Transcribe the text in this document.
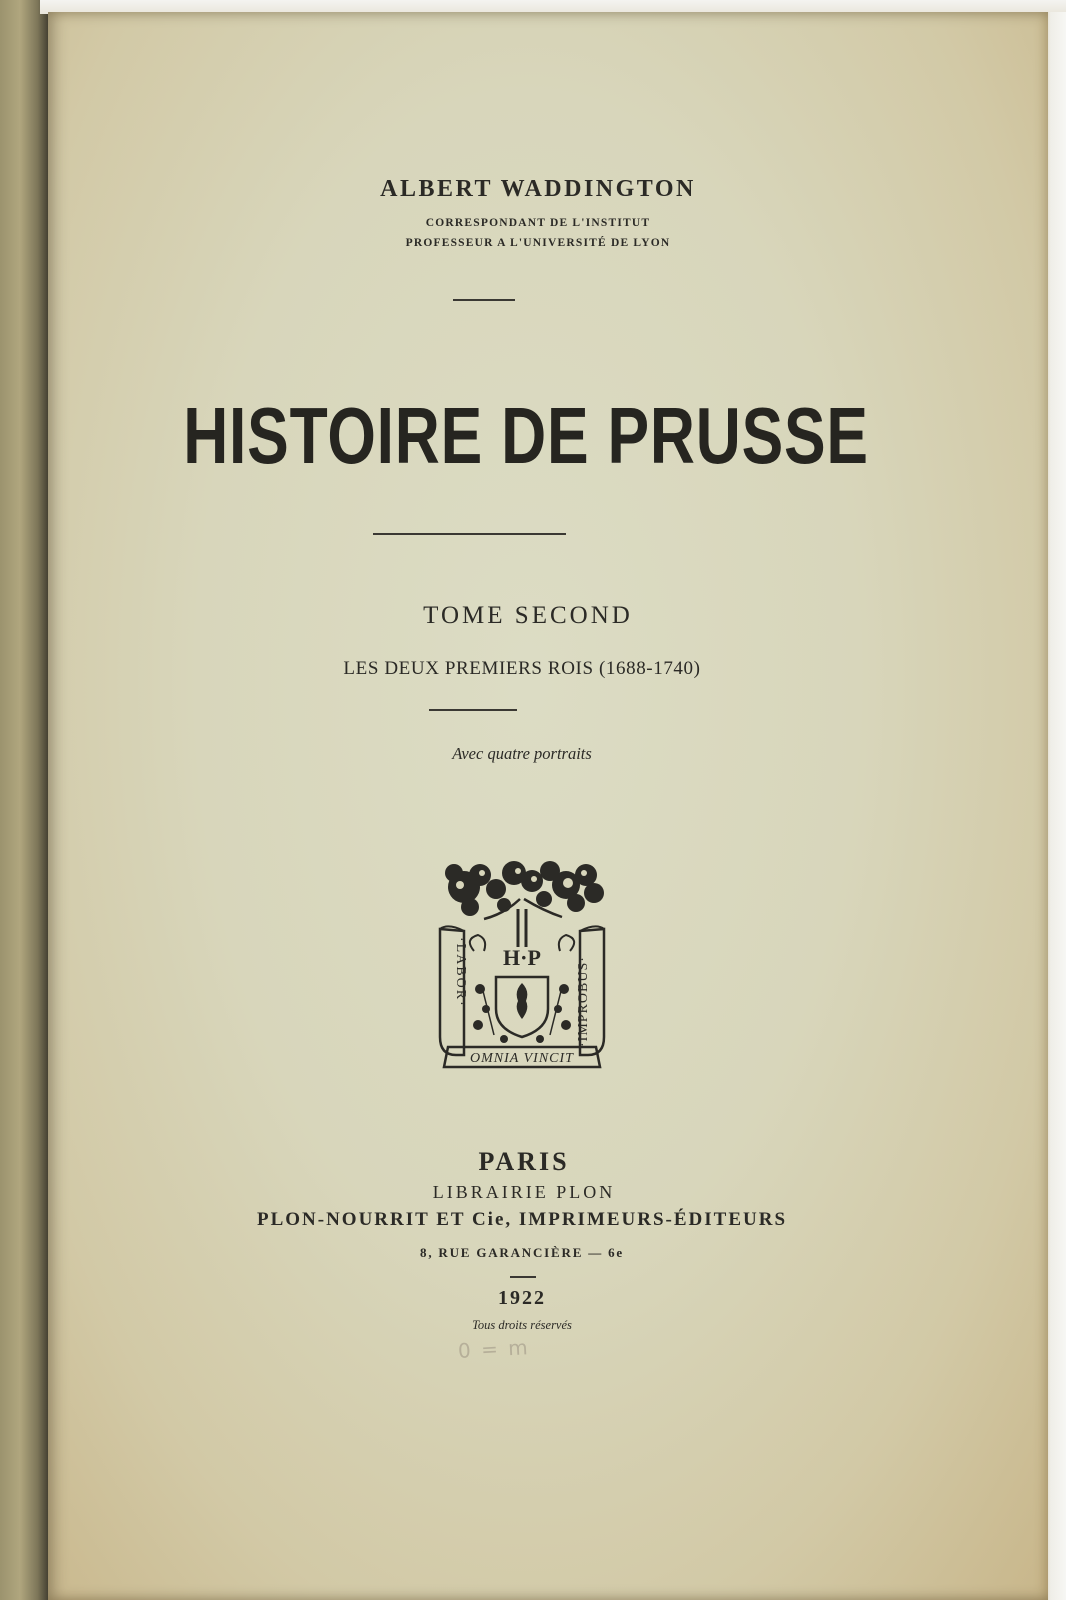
ALBERT WADDINGTON
CORRESPONDANT DE L'INSTITUT
PROFESSEUR A L'UNIVERSITÉ DE LYON
HISTOIRE DE PRUSSE
TOME SECOND
LES DEUX PREMIERS ROIS (1688-1740)
Avec quatre portraits
H·P
·LABOR·	·IMPROBUS·
OMNIA VINCIT
PARIS
LIBRAIRIE PLON
PLON-NOURRIT ET Cie, IMPRIMEURS-ÉDITEURS
8, RUE GARANCIÈRE — 6e
1922
Tous droits réservés
0 = m
